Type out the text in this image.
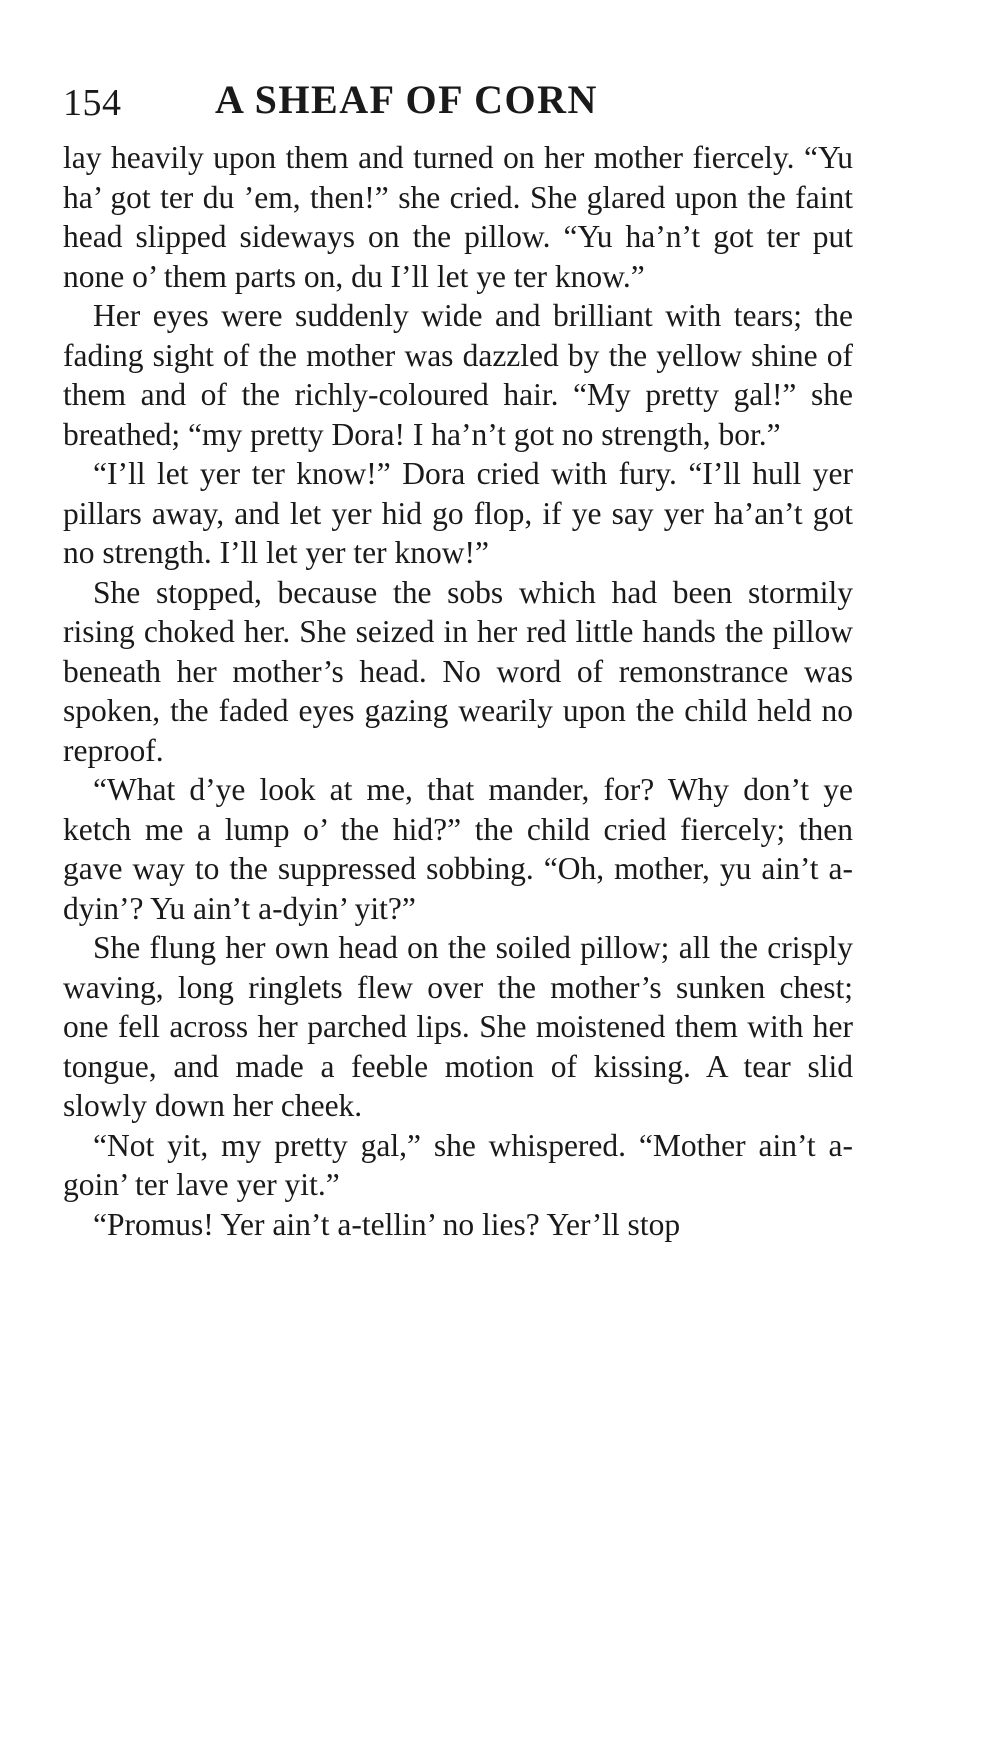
154 A SHEAF OF CORN

lay heavily upon them and turned on her mother fiercely. “Yu ha’ got ter du ’em, then!” she cried. She glared upon the faint head slipped sideways on the pillow. “Yu ha’n’t got ter put none o’ them parts on, du I’ll let ye ter know.”

Her eyes were suddenly wide and brilliant with tears; the fading sight of the mother was dazzled by the yellow shine of them and of the richly-coloured hair. “My pretty gal!” she breathed; “my pretty Dora! I ha’n’t got no strength, bor.”

“I’ll let yer ter know!” Dora cried with fury. “I’ll hull yer pillars away, and let yer hid go flop, if ye say yer ha’an’t got no strength. I’ll let yer ter know!”

She stopped, because the sobs which had been stormily rising choked her. She seized in her red little hands the pillow beneath her mother’s head. No word of remonstrance was spoken, the faded eyes gazing wearily upon the child held no reproof.

“What d’ye look at me, that mander, for? Why don’t ye ketch me a lump o’ the hid?” the child cried fiercely; then gave way to the suppressed sobbing. “Oh, mother, yu ain’t a-dyin’? Yu ain’t a-dyin’ yit?”

She flung her own head on the soiled pillow; all the crisply waving, long ringlets flew over the mother’s sunken chest; one fell across her parched lips. She moistened them with her tongue, and made a feeble motion of kissing. A tear slid slowly down her cheek.

“Not yit, my pretty gal,” she whispered. “Mother ain’t a-goin’ ter lave yer yit.”

“Promus! Yer ain’t a-tellin’ no lies? Yer’ll stop
